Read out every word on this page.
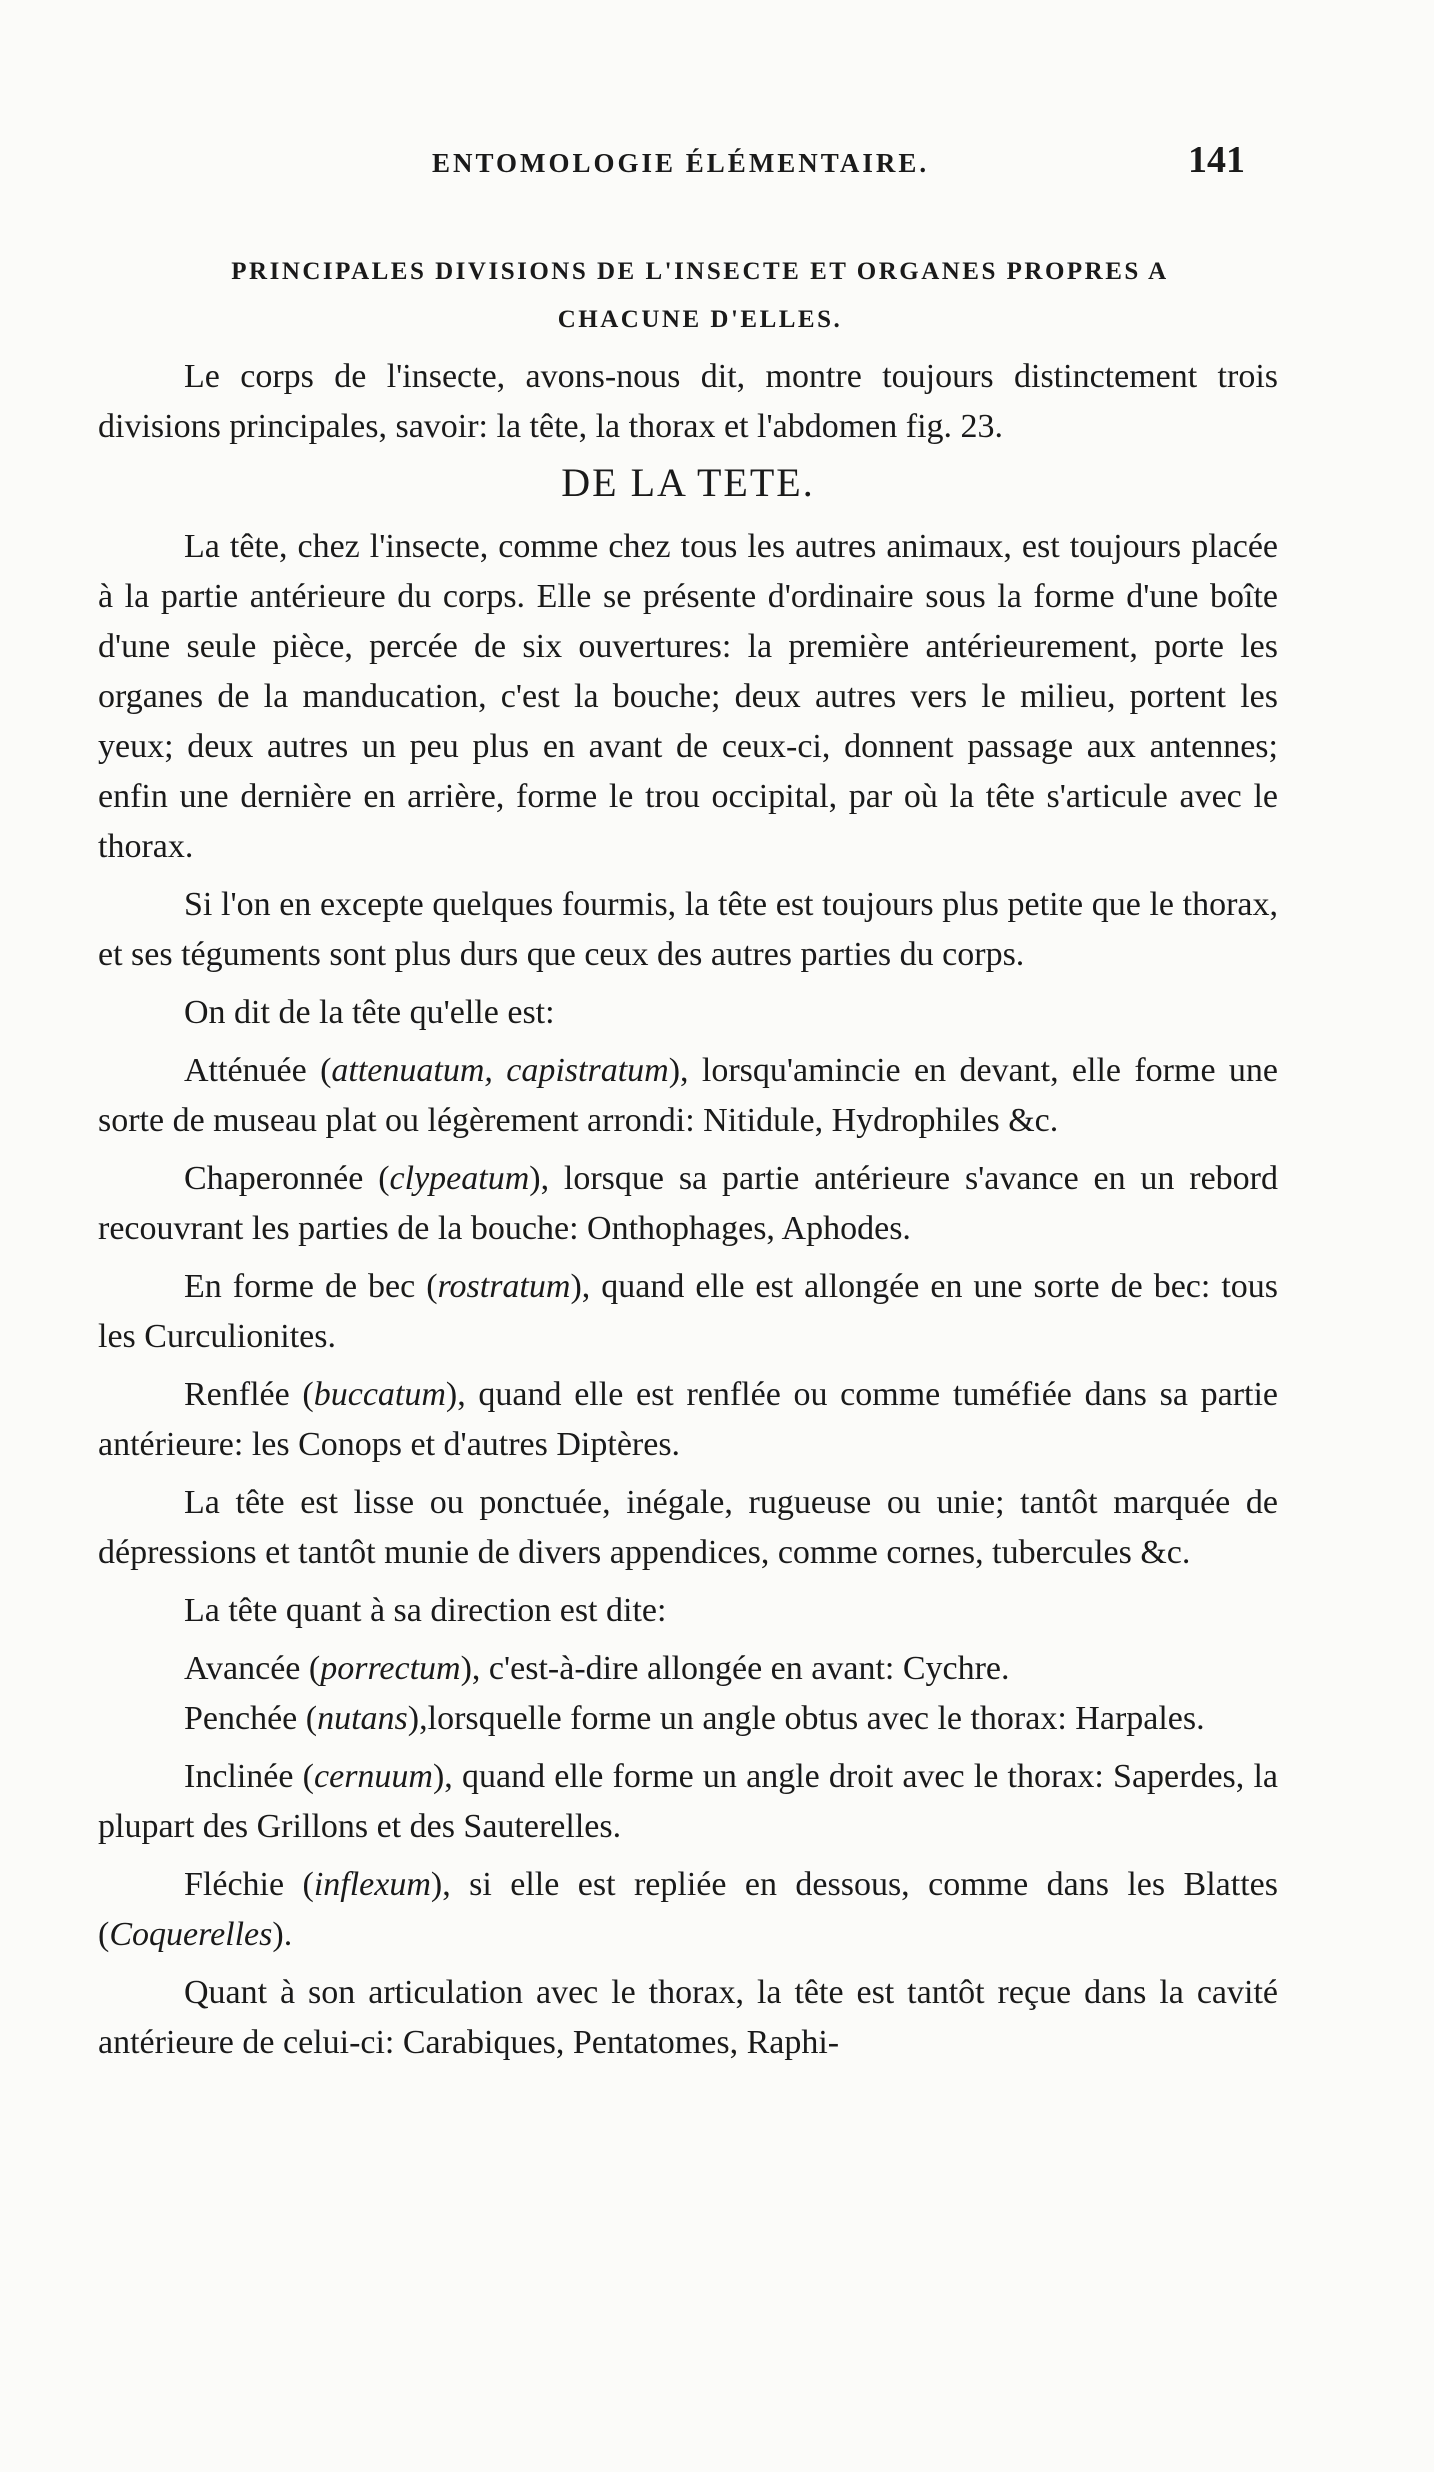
ENTOMOLOGIE ÉLÉMENTAIRE.	141
PRINCIPALES DIVISIONS DE L'INSECTE ET ORGANES PROPRES A
CHACUNE D'ELLES.

Le corps de l'insecte, avons-nous dit, montre toujours distinctement trois divisions principales, savoir: la tête, la thorax et l'abdomen fig. 23.

DE LA TETE.

La tête, chez l'insecte, comme chez tous les autres animaux, est toujours placée à la partie antérieure du corps. Elle se présente d'ordinaire sous la forme d'une boîte d'une seule pièce, percée de six ouvertures: la première antérieurement, porte les organes de la manducation, c'est la bouche; deux autres vers le milieu, portent les yeux; deux autres un peu plus en avant de ceux-ci, donnent passage aux antennes; enfin une dernière en arrière, forme le trou occipital, par où la tête s'articule avec le thorax.

Si l'on en excepte quelques fourmis, la tête est toujours plus petite que le thorax, et ses téguments sont plus durs que ceux des autres parties du corps.

On dit de la tête qu'elle est:

Atténuée (attenuatum, capistratum), lorsqu'amincie en devant, elle forme une sorte de museau plat ou légèrement arrondi: Nitidule, Hydrophiles &c.

Chaperonnée (clypeatum), lorsque sa partie antérieure s'avance en un rebord recouvrant les parties de la bouche: Onthophages, Aphodes.

En forme de bec (rostratum), quand elle est allongée en une sorte de bec: tous les Curculionites.

Renflée (buccatum), quand elle est renflée ou comme tuméfiée dans sa partie antérieure: les Conops et d'autres Diptères.

La tête est lisse ou ponctuée, inégale, rugueuse ou unie; tantôt marquée de dépressions et tantôt munie de divers appendices, comme cornes, tubercules &c.

La tête quant à sa direction est dite:

Avancée (porrectum), c'est-à-dire allongée en avant: Cychre.

Penchée (nutans),lorsquelle forme un angle obtus avec le thorax: Harpales.

Inclinée (cernuum), quand elle forme un angle droit avec le thorax: Saperdes, la plupart des Grillons et des Sauterelles.

Fléchie (inflexum), si elle est repliée en dessous, comme dans les Blattes (Coquerelles).

Quant à son articulation avec le thorax, la tête est tantôt reçue dans la cavité antérieure de celui-ci: Carabiques, Pentatomes, Raphi-
